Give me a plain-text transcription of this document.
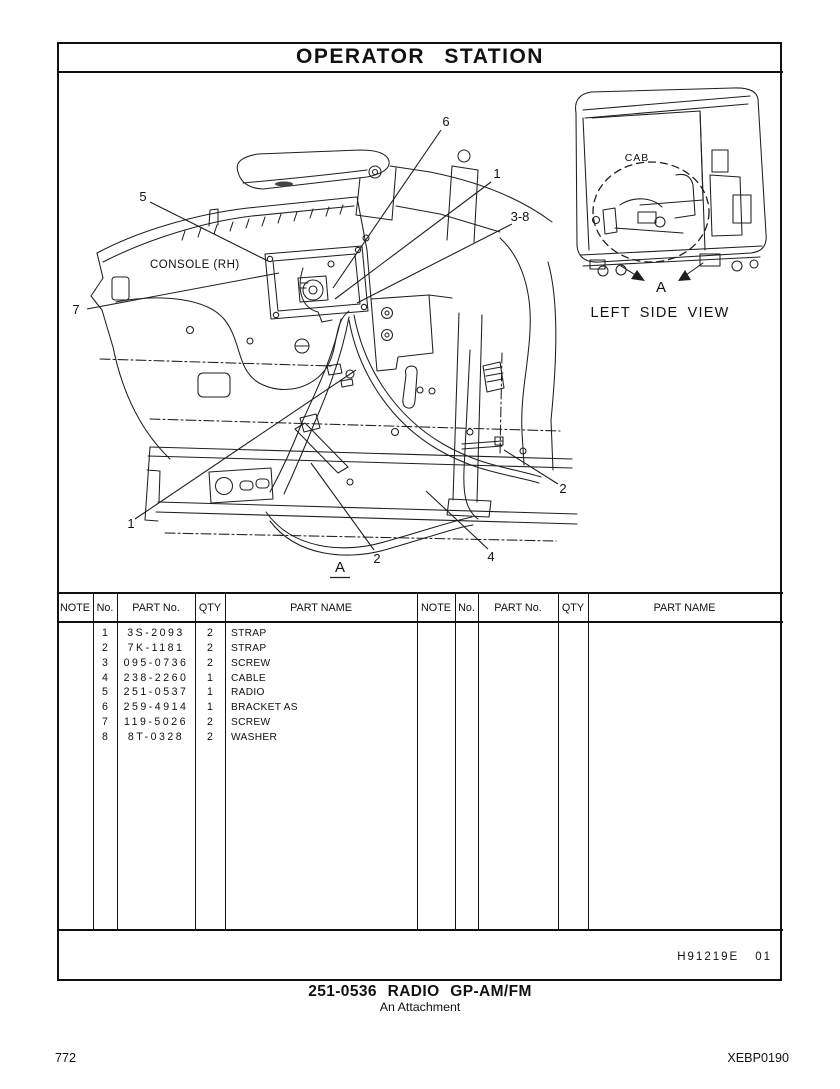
OPERATOR STATION
5
6
1
3-8
7
1
2	4
2
CONSOLE (RH)
A
CAB
A
LEFT SIDE VIEW
NOTE No.	PART No.	QTY	PART NAME	NOTE No.	PART No.	QTY	PART NAME
1	3S-2093	2	STRAP
2	7K-1181	2	STRAP
3	095-0736	2	SCREW
4	238-2260	1	CABLE
5	251-0537	1	RADIO
6	259-4914	1	BRACKET AS
7	119-5026	2	SCREW
8	8T-0328	2	WASHER
H91219E 01
251-0536 RADIO GP-AM/FM
An Attachment
772	XEBP0190
